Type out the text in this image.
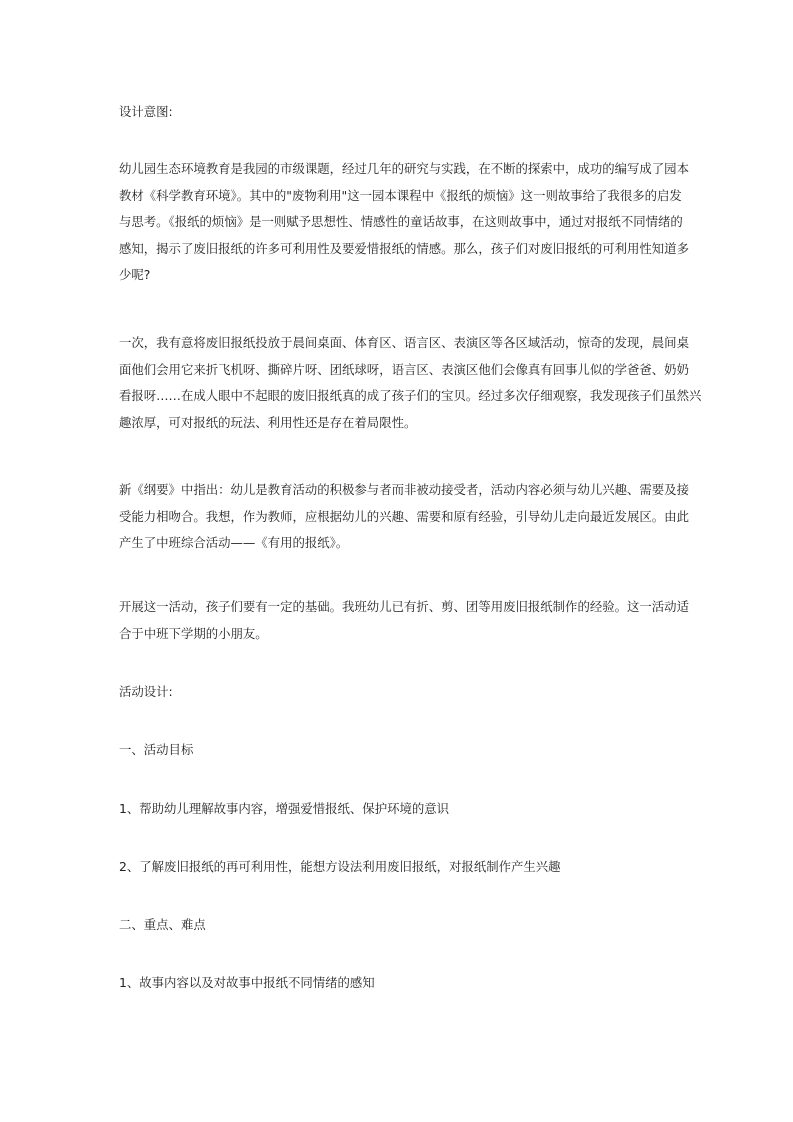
设计意图:

幼儿园生态环境教育是我园的市级课题，经过几年的研究与实践，在不断的探索中，成功的编写成了园本
教材《科学教育环境》。其中的"废物利用"这一园本课程中《报纸的烦恼》这一则故事给了我很多的启发
与思考。《报纸的烦恼》是一则赋予思想性、情感性的童话故事，在这则故事中，通过对报纸不同情绪的
感知，揭示了废旧报纸的许多可利用性及要爱惜报纸的情感。那么，孩子们对废旧报纸的可利用性知道多
少呢?

一次，我有意将废旧报纸投放于晨间桌面、体育区、语言区、表演区等各区域活动，惊奇的发现，晨间桌
面他们会用它来折飞机呀、撕碎片呀、团纸球呀，语言区、表演区他们会像真有回事儿似的学爸爸、奶奶
看报呀……在成人眼中不起眼的废旧报纸真的成了孩子们的宝贝。经过多次仔细观察，我发现孩子们虽然兴
趣浓厚，可对报纸的玩法、利用性还是存在着局限性。

新《纲要》中指出：幼儿是教育活动的积极参与者而非被动接受者，活动内容必须与幼儿兴趣、需要及接
受能力相吻合。我想，作为教师，应根据幼儿的兴趣、需要和原有经验，引导幼儿走向最近发展区。由此
产生了中班综合活动——《有用的报纸》。

开展这一活动，孩子们要有一定的基础。我班幼儿已有折、剪、团等用废旧报纸制作的经验。这一活动适
合于中班下学期的小朋友。

活动设计:

一、活动目标

1、帮助幼儿理解故事内容，增强爱惜报纸、保护环境的意识

2、了解废旧报纸的再可利用性，能想方设法利用废旧报纸，对报纸制作产生兴趣

二、重点、难点

1、故事内容以及对故事中报纸不同情绪的感知
